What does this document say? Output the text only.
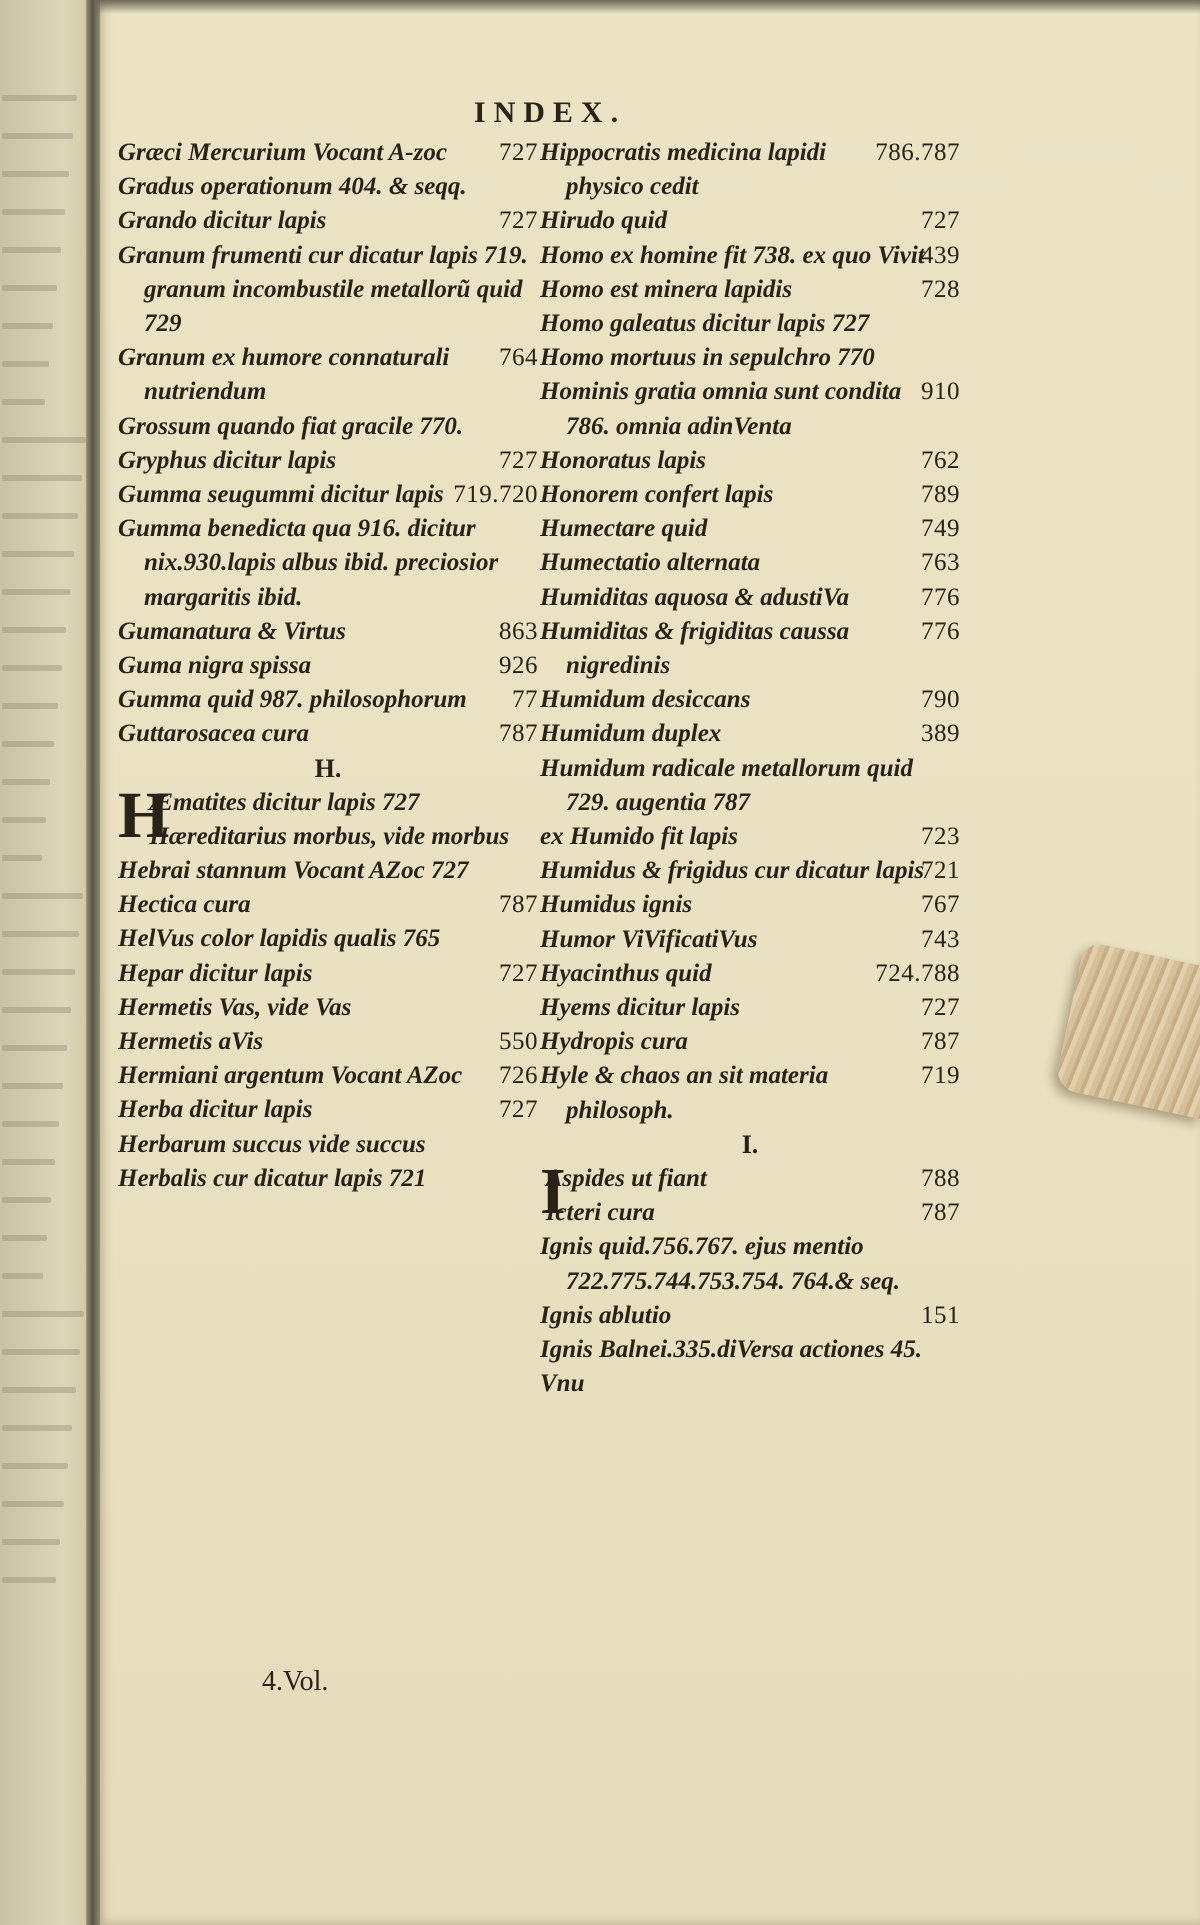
INDEX.
727
Græci Mercurium Vocant A-zoc
Gradus operationum 404. & seqq.
727
Grando dicitur lapis
Granum frumenti cur dicatur lapis 719. granum incombustile metallorũ quid 729
764
Granum ex humore connaturali nutriendum
Grossum quando fiat gracile 770.
727
Gryphus dicitur lapis
719.720
Gumma seugummi dicitur lapis
Gumma benedicta qua 916. dicitur nix.930.lapis albus ibid. preciosior margaritis ibid.
863
Gumanatura & Virtus
926
Guma nigra spissa
77
Gumma quid 987. philosophorum
787
Guttarosacea cura
H.
H
Æmatites dicitur lapis 727
Hæreditarius morbus, vide morbus
Hebrai stannum Vocant AZoc 727
787
Hectica cura
HelVus color lapidis qualis 765
727
Hepar dicitur lapis
Hermetis Vas, vide Vas
550
Hermetis aVis
726
Hermiani argentum Vocant AZoc
727
Herba dicitur lapis
Herbarum succus vide succus
Herbalis cur dicatur lapis 721
786.787
Hippocratis medicina lapidi physico cedit
727
Hirudo quid
439
Homo ex homine fit 738. ex quo Vivit
728
Homo est minera lapidis
Homo galeatus dicitur lapis 727
Homo mortuus in sepulchro 770
910
Hominis gratia omnia sunt condita 786. omnia adinVenta
762
Honoratus lapis
789
Honorem confert lapis
749
Humectare quid
763
Humectatio alternata
776
Humiditas aquosa & adustiVa
776
Humiditas & frigiditas caussa nigredinis
790
Humidum desiccans
389
Humidum duplex
Humidum radicale metallorum quid 729. augentia 787
723
ex Humido fit lapis
721
Humidus & frigidus cur dicatur lapis
767
Humidus ignis
743
Humor ViVificatiVus
724.788
Hyacinthus quid
727
Hyems dicitur lapis
787
Hydropis cura
719
Hyle & chaos an sit materia philosoph.
I.
I	788
Aspides ut fiant
787
Icteri cura
Ignis quid.756.767. ejus mentio 722.775.744.753.754. 764.& seq.
151
Ignis ablutio
Ignis Balnei.335.diVersa actiones 45.
Vnu
4.Vol.
